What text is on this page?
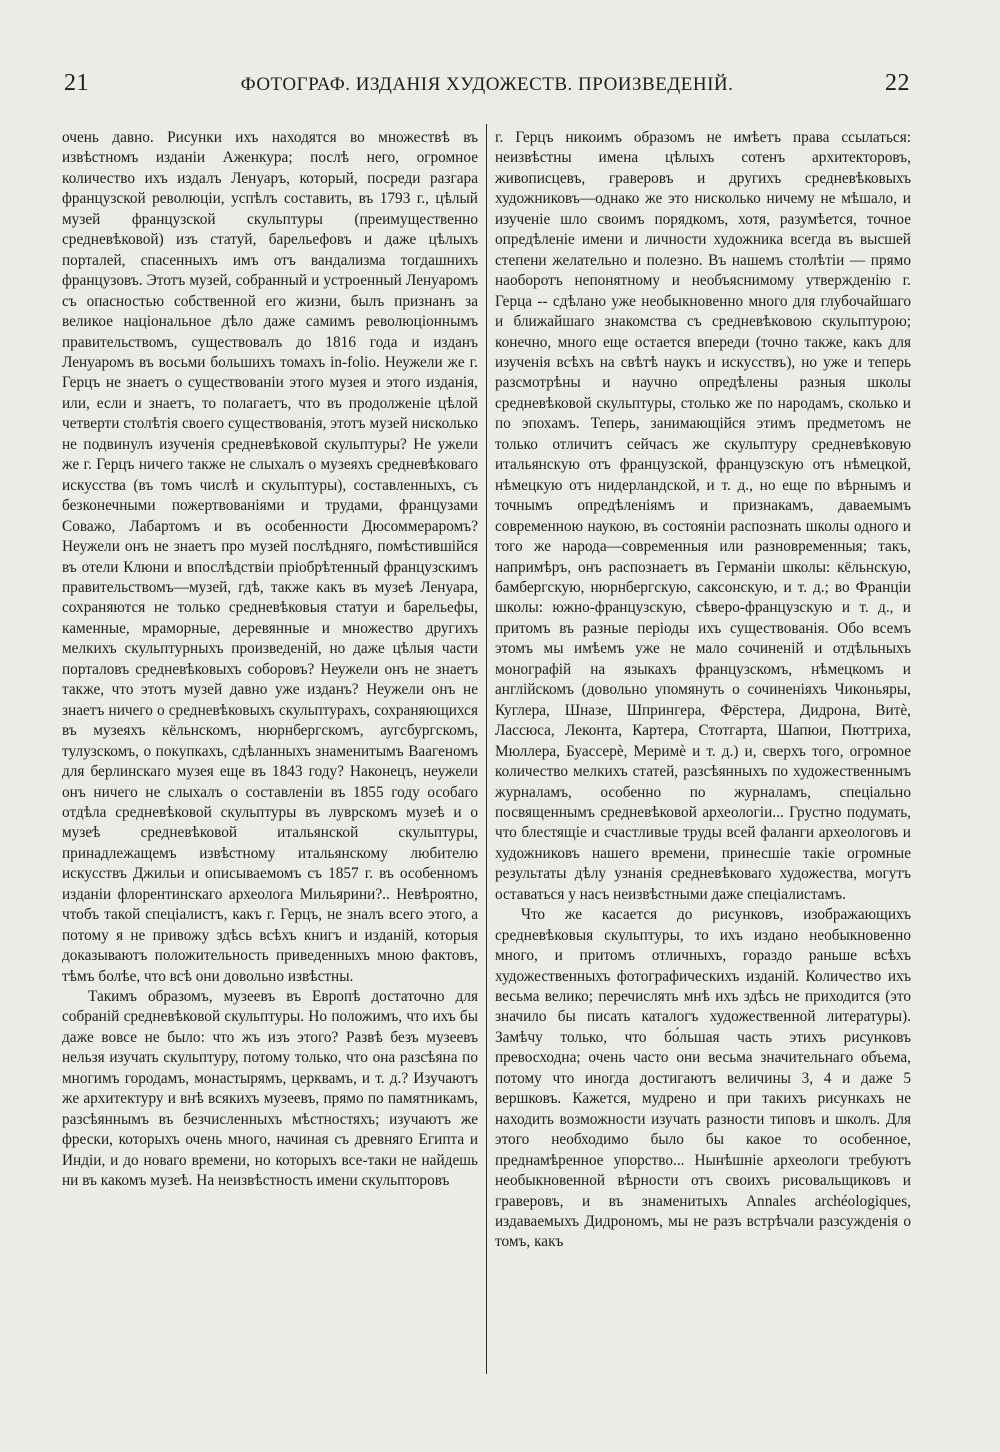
21	ФОТОГРАФ. ИЗДАНІЯ ХУДОЖЕСТВ. ПРОИЗВЕДЕНІЙ.	22

очень давно. Рисунки ихъ находятся во множествѣ въ извѣстномъ изданіи Аженкура; послѣ него, огромное количество ихъ издалъ Ленуаръ, который, посреди разгара французской революціи, успѣлъ составить, въ 1793 г., цѣлый музей французской скульптуры (преимущественно средневѣковой) изъ статуй, барельефовъ и даже цѣлыхъ порталей, спасенныхъ имъ отъ вандализма тогдашнихъ французовъ. Этотъ музей, собранный и устроенный Ленуаромъ съ опасностью собственной его жизни, былъ признанъ за великое національное дѣло даже самимъ революціоннымъ правительствомъ, существовалъ до 1816 года и изданъ Ленуаромъ въ восьми большихъ томахъ in-folio. Неужели же г. Герцъ не знаетъ о существованіи этого музея и этого изданія, или, если и знаетъ, то полагаетъ, что въ продолженіе цѣлой четверти столѣтія своего существованія, этотъ музей нисколько не подвинулъ изученія средневѣковой скульптуры? Не ужели же г. Герцъ ничего также не слыхалъ о музеяхъ средневѣковаго искусства (въ томъ числѣ и скульптуры), составленныхъ, съ безконечными пожертвованіями и трудами, французами Соважо, Лабартомъ и въ особенности Дюсоммераромъ? Неужели онъ не знаетъ про музей послѣдняго, помѣстившійся въ отели Клюни и впослѣдствіи пріобрѣтенный французскимъ правительствомъ—музей, гдѣ, также какъ въ музеѣ Ленуара, сохраняются не только средневѣковыя статуи и барельефы, каменные, мраморные, деревянные и множество другихъ мелкихъ скульптурныхъ произведеній, но даже цѣлыя части порталовъ средневѣковыхъ соборовъ? Неужели онъ не знаетъ также, что этотъ музей давно уже изданъ? Неужели онъ не знаетъ ничего о средневѣковыхъ скульптурахъ, сохраняющихся въ музеяхъ кёльнскомъ, нюрнбергскомъ, аугсбургскомъ, тулузскомъ, о покупкахъ, сдѣланныхъ знаменитымъ Ваагеномъ для берлинскаго музея еще въ 1843 году? Наконецъ, неужели онъ ничего не слыхалъ о составленіи въ 1855 году особаго отдѣла средневѣковой скульптуры въ луврскомъ музеѣ и о музеѣ средневѣковой итальянской скульптуры, принадлежащемъ извѣстному итальянскому любителю искусствъ Джильи и описываемомъ съ 1857 г. въ особенномъ изданіи флорентинскаго археолога Мильярини?.. Невѣроятно, чтобъ такой спеціалистъ, какъ г. Герцъ, не зналъ всего этого, а потому я не привожу здѣсь всѣхъ книгъ и изданій, которыя доказываютъ положительность приведенныхъ мною фактовъ, тѣмъ болѣе, что всѣ они довольно извѣстны.

Такимъ образомъ, музеевъ въ Европѣ достаточно для собраній средневѣковой скульптуры. Но положимъ, что ихъ бы даже вовсе не было: что жъ изъ этого? Развѣ безъ музеевъ нельзя изучать скульптуру, потому только, что она разсѣяна по многимъ городамъ, монастырямъ, церквамъ, и т. д.? Изучаютъ же архитектуру и внѣ всякихъ музеевъ, прямо по памятникамъ, разсѣяннымъ въ безчисленныхъ мѣстностяхъ; изучаютъ же фрески, которыхъ очень много, начиная съ древняго Египта и Индіи, и до новаго времени, но которыхъ все-таки не найдешь ни въ какомъ музеѣ. На неизвѣстность имени скульпторовъ

г. Герцъ никоимъ образомъ не имѣетъ права ссылаться: неизвѣстны имена цѣлыхъ сотенъ архитекторовъ, живописцевъ, граверовъ и другихъ средневѣковыхъ художниковъ—однако же это нисколько ничему не мѣшало, и изученіе шло своимъ порядкомъ, хотя, разумѣется, точное опредѣленіе имени и личности художника всегда въ высшей степени желательно и полезно. Въ нашемъ столѣтіи — прямо наоборотъ непонятному и необъяснимому утвержденію г. Герца -- сдѣлано уже необыкновенно много для глубочайшаго и ближайшаго знакомства съ средневѣковою скульптурою; конечно, много еще остается впереди (точно также, какъ для изученія всѣхъ на свѣтѣ наукъ и искусствъ), но уже и теперь разсмотрѣны и научно опредѣлены разныя школы средневѣковой скульптуры, столько же по народамъ, сколько и по эпохамъ. Теперь, занимающійся этимъ предметомъ не только отличитъ сейчасъ же скульптуру средневѣковую итальянскую отъ французской, французскую отъ нѣмецкой, нѣмецкую отъ нидерландской, и т. д., но еще по вѣрнымъ и точнымъ опредѣленіямъ и признакамъ, даваемымъ современною наукою, въ состояніи распознать школы одного и того же народа—современныя или разновременныя; такъ, напримѣръ, онъ распознаетъ въ Германіи школы: кёльнскую, бамбергскую, нюрнбергскую, саксонскую, и т. д.; во Франціи школы: южно-французскую, сѣверо-французскую и т. д., и притомъ въ разные періоды ихъ существованія. Обо всемъ этомъ мы имѣемъ уже не мало сочиненій и отдѣльныхъ монографій на языкахъ французскомъ, нѣмецкомъ и англійскомъ (довольно упомянуть о сочиненіяхъ Чиконьяры, Куглера, Шназе, Шпрингера, Фёрстера, Дидрона, Витѐ, Лассюса, Леконта, Картера, Стотгарта, Шапюи, Пюттриха, Мюллера, Буассерѐ, Меримѐ и т. д.) и, сверхъ того, огромное количество мелкихъ статей, разсѣянныхъ по художественнымъ журналамъ, особенно по журналамъ, спеціально посвященнымъ средневѣковой археологіи... Грустно подумать, что блестящіе и счастливые труды всей фаланги археологовъ и художниковъ нашего времени, принесшіе такіе огромные результаты дѣлу узнанія средневѣковаго художества, могутъ оставаться у насъ неизвѣстными даже спеціалистамъ.

Что же касается до рисунковъ, изображающихъ средневѣковыя скульптуры, то ихъ издано необыкновенно много, и притомъ отличныхъ, гораздо раньше всѣхъ художественныхъ фотографическихъ изданій. Количество ихъ весьма велико; перечислять мнѣ ихъ здѣсь не приходится (это значило бы писать каталогъ художественной литературы). Замѣчу только, что бо́льшая часть этихъ рисунковъ превосходна; очень часто они весьма значительнаго объема, потому что иногда достигаютъ величины 3, 4 и даже 5 вершковъ. Кажется, мудрено и при такихъ рисункахъ не находить возможности изучать разности типовъ и школъ. Для этого необходимо было бы какое то особенное, преднамѣренное упорство... Нынѣшніе археологи требуютъ необыкновенной вѣрности отъ своихъ рисовальщиковъ и граверовъ, и въ знаменитыхъ Annales archéologiques, издаваемыхъ Дидрономъ, мы не разъ встрѣчали разсужденія о томъ, какъ
